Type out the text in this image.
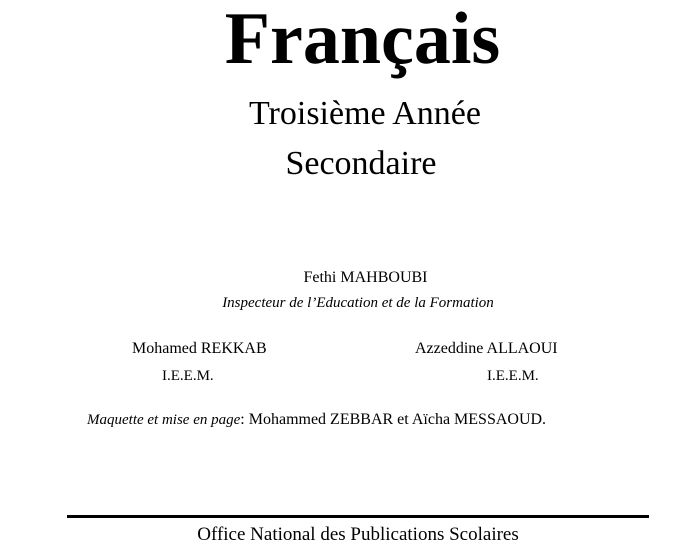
Français
Troisième Année
Secondaire
Fethi MAHBOUBI
Inspecteur de l’Education et de la Formation
Mohamed REKKAB
I.E.E.M.
Azzeddine ALLAOUI
I.E.E.M.
Maquette et mise en page: Mohammed ZEBBAR et Aïcha MESSAOUD.
Office National des Publications Scolaires
